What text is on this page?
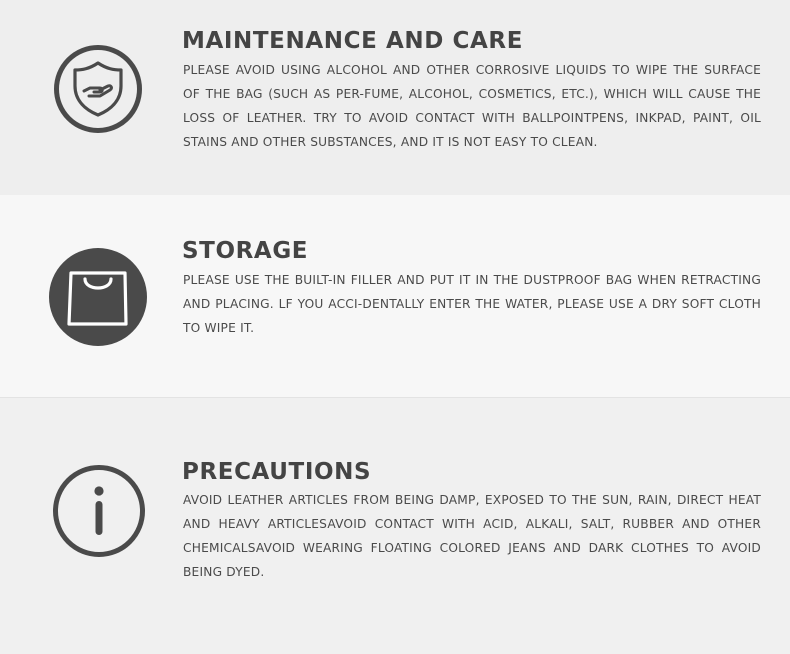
MAINTENANCE AND CARE

PLEASE AVOID USING ALCOHOL AND OTHER CORROSIVE LIQUIDS TO WIPE THE SURFACE OF THE BAG (SUCH AS PER-FUME, ALCOHOL, COSMETICS, ETC.), WHICH WILL CAUSE THE LOSS OF LEATHER. TRY TO AVOID CONTACT WITH BALLPOINTPENS, INKPAD, PAINT, OIL STAINS AND OTHER SUBSTANCES, AND IT IS NOT EASY TO CLEAN.

STORAGE

PLEASE USE THE BUILT-IN FILLER AND PUT IT IN THE DUSTPROOF BAG WHEN RETRACTING AND PLACING. LF YOU ACCI-DENTALLY ENTER THE WATER, PLEASE USE A DRY SOFT CLOTH TO WIPE IT.

PRECAUTIONS

AVOID LEATHER ARTICLES FROM BEING DAMP, EXPOSED TO THE SUN, RAIN, DIRECT HEAT AND HEAVY ARTICLESAVOID CONTACT WITH ACID, ALKALI, SALT, RUBBER AND OTHER CHEMICALSAVOID WEARING FLOATING COLORED JEANS AND DARK CLOTHES TO AVOID BEING DYED.
